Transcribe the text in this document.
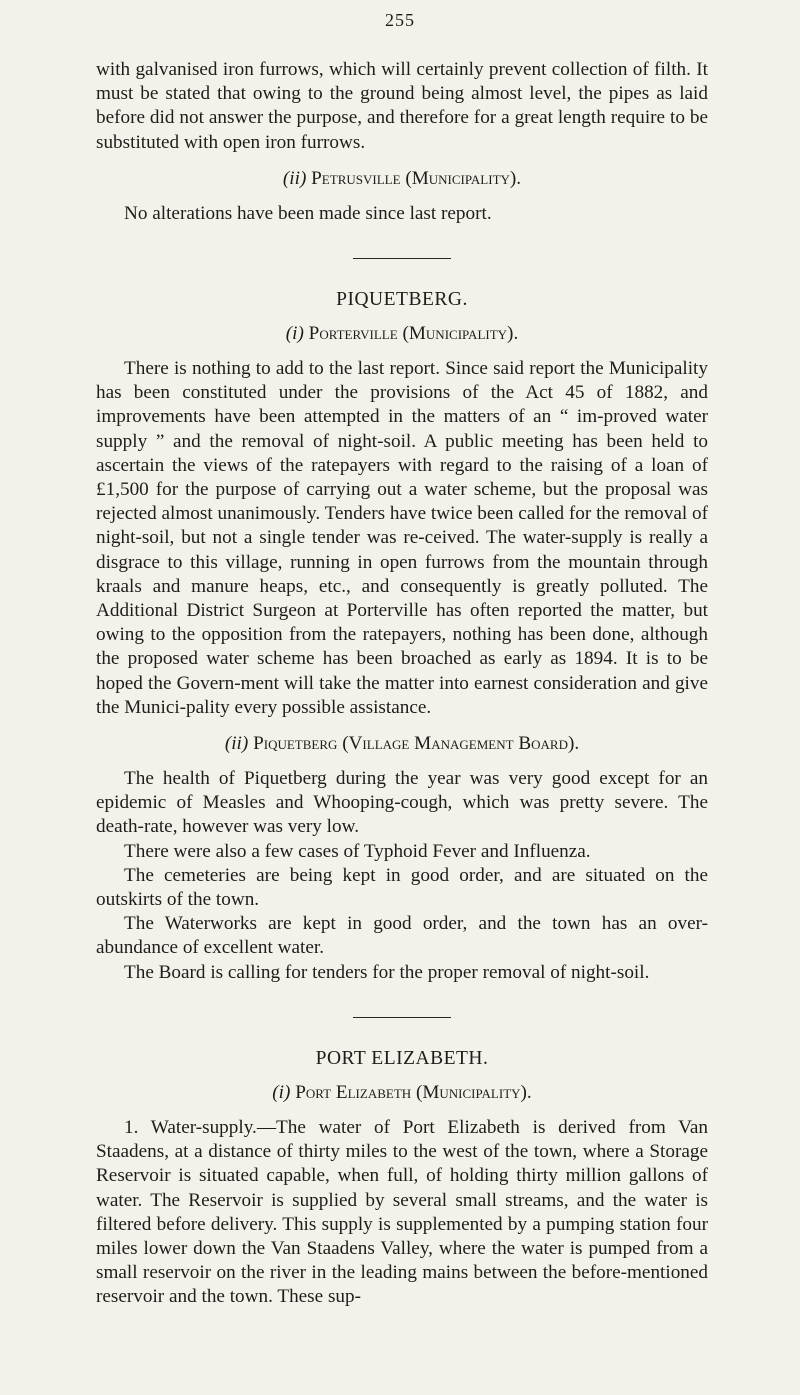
255

with galvanised iron furrows, which will certainly prevent collection of filth. It must be stated that owing to the ground being almost level, the pipes as laid before did not answer the purpose, and therefore for a great length require to be substituted with open iron furrows.

(ii) Petrusville (Municipality).

No alterations have been made since last report.

PIQUETBERG.
(i) Porterville (Municipality).

There is nothing to add to the last report. Since said report the Municipality has been constituted under the provisions of the Act 45 of 1882, and improvements have been attempted in the matters of an “ im-proved water supply ” and the removal of night-soil. A public meeting has been held to ascertain the views of the ratepayers with regard to the raising of a loan of £1,500 for the purpose of carrying out a water scheme, but the proposal was rejected almost unanimously. Tenders have twice been called for the removal of night-soil, but not a single tender was re-ceived. The water-supply is really a disgrace to this village, running in open furrows from the mountain through kraals and manure heaps, etc., and consequently is greatly polluted. The Additional District Surgeon at Porterville has often reported the matter, but owing to the opposition from the ratepayers, nothing has been done, although the proposed water scheme has been broached as early as 1894. It is to be hoped the Govern-ment will take the matter into earnest consideration and give the Munici-pality every possible assistance.

(ii) Piquetberg (Village Management Board).

The health of Piquetberg during the year was very good except for an epidemic of Measles and Whooping-cough, which was pretty severe. The death-rate, however was very low.

There were also a few cases of Typhoid Fever and Influenza.

The cemeteries are being kept in good order, and are situated on the outskirts of the town.

The Waterworks are kept in good order, and the town has an over-abundance of excellent water.

The Board is calling for tenders for the proper removal of night-soil.

PORT ELIZABETH.
(i) Port Elizabeth (Municipality).

1. Water-supply.—The water of Port Elizabeth is derived from Van Staadens, at a distance of thirty miles to the west of the town, where a Storage Reservoir is situated capable, when full, of holding thirty million gallons of water. The Reservoir is supplied by several small streams, and the water is filtered before delivery. This supply is supplemented by a pumping station four miles lower down the Van Staadens Valley, where the water is pumped from a small reservoir on the river in the leading mains between the before-mentioned reservoir and the town. These sup-
